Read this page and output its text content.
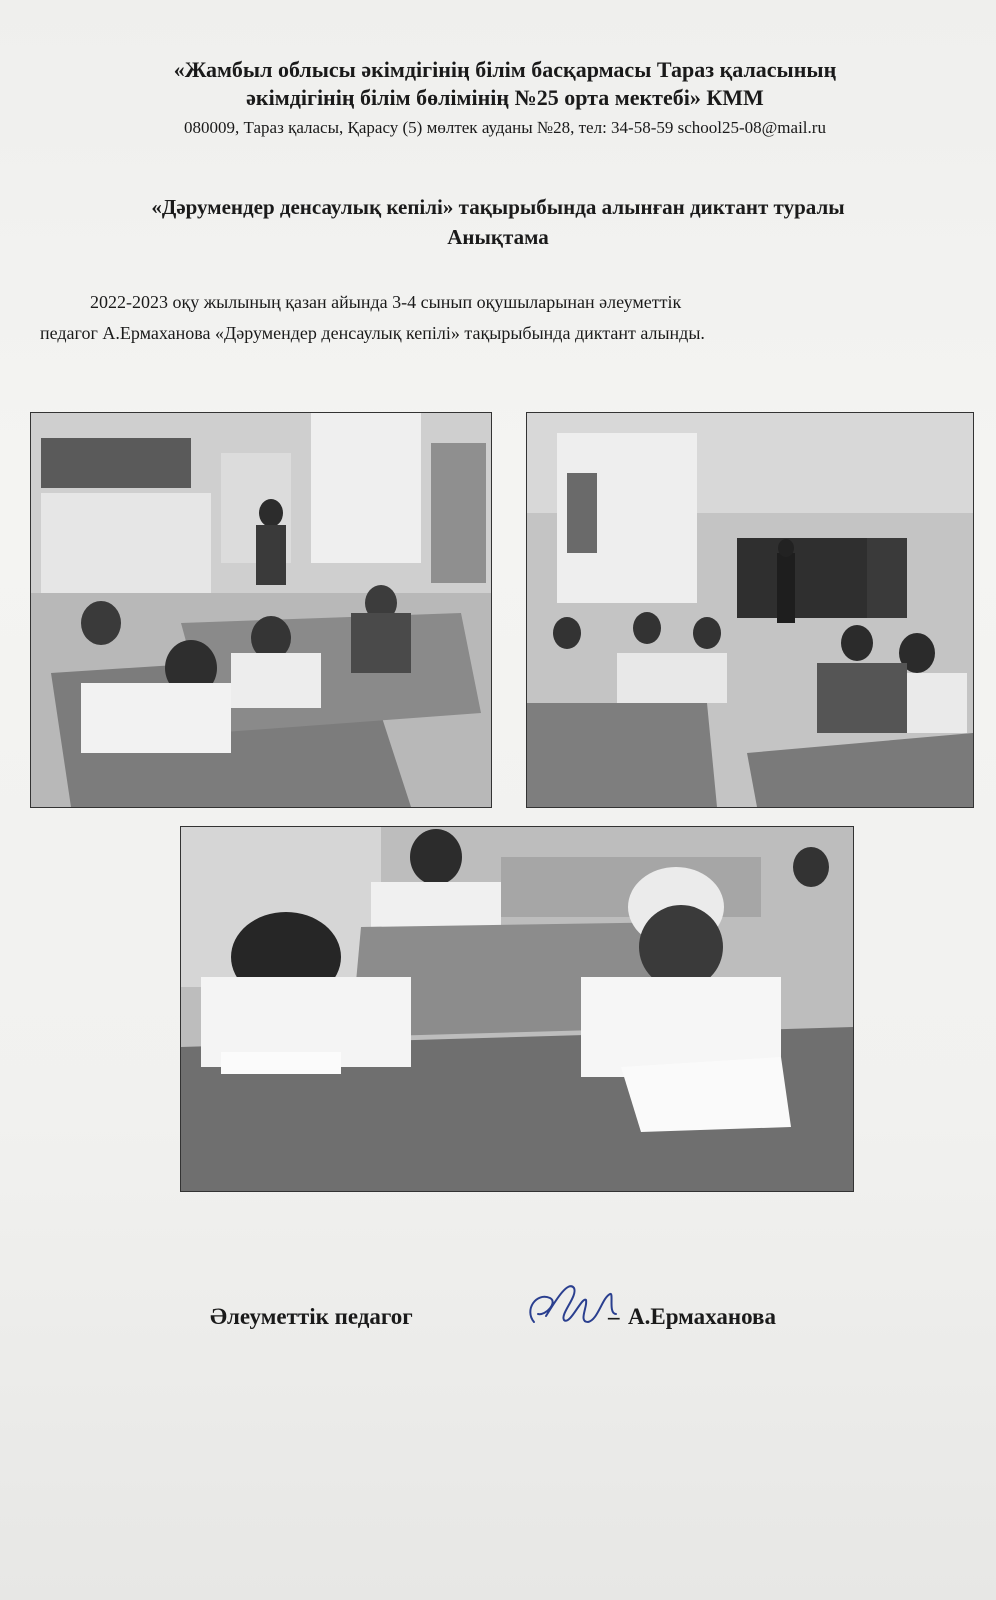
«Жамбыл облысы әкімдігінің білім басқармасы Тараз қаласының
әкімдігінің білім бөлімінің №25 орта мектебі» КММ
080009, Тараз қаласы, Қарасу (5) мөлтек ауданы №28, тел: 34-58-59 school25-08@mail.ru
«Дәрумендер денсаулық кепілі» тақырыбында алынған диктант туралы
Анықтама
2022-2023 оқу жылының қазан айында 3-4 сынып оқушыларынан әлеуметтік
педагог А.Ермаханова «Дәрумендер денсаулық кепілі» тақырыбында диктант алынды.
Әлеуметтік педагог	– А.Ермаханова
